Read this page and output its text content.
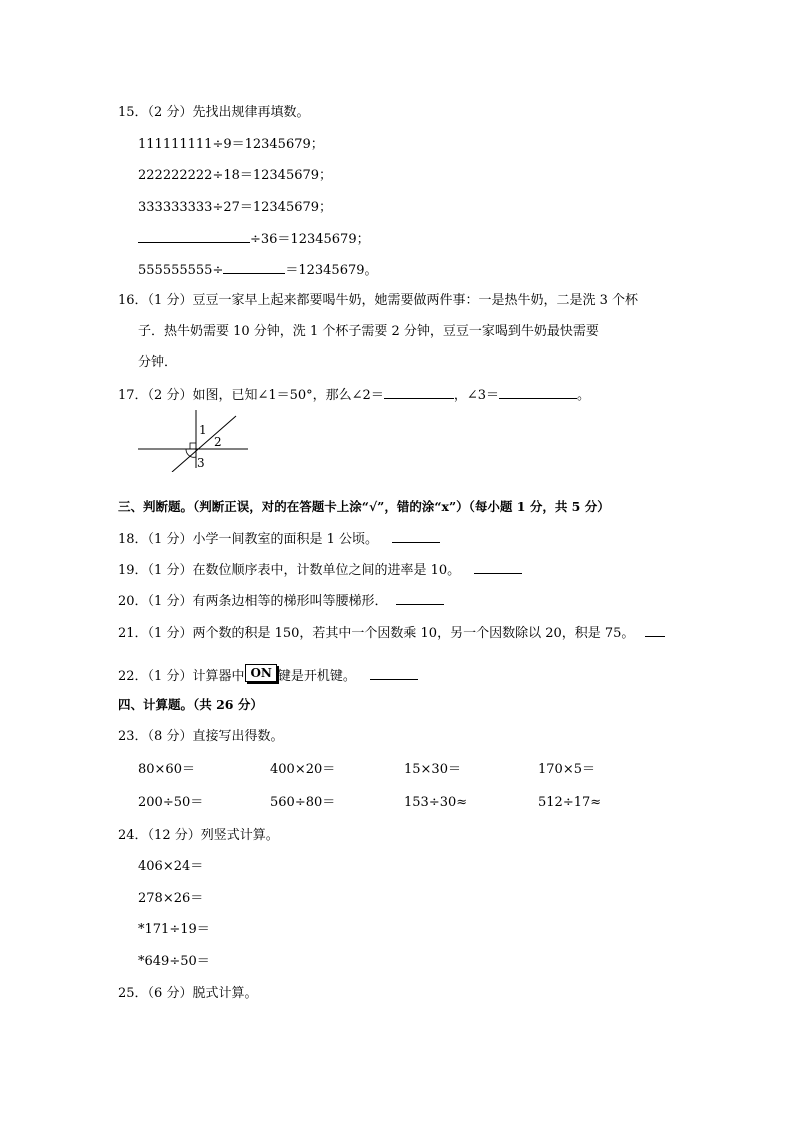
15．（2 分）先找出规律再填数。
111111111÷9＝12345679；
222222222÷18＝12345679；
333333333÷27＝12345679；
÷36＝12345679；
555555555÷	＝12345679。
16．（1 分）豆豆一家早上起来都要喝牛奶，她需要做两件事：一是热牛奶，二是洗 3 个杯
子．热牛奶需要 10 分钟，洗 1 个杯子需要 2 分钟，豆豆一家喝到牛奶最快需要
分钟．
17．（2 分）如图，已知∠1＝50°，那么∠2＝	，∠3＝	。
1
2
3
三、判断题。（判断正误，对的在答题卡上涂“√”，错的涂“x”）（每小题 1 分，共 5 分）
18．（1 分）小学一间教室的面积是 1 公顷。
19．（1 分）在数位顺序表中，计数单位之间的进率是 10。
20．（1 分）有两条边相等的梯形叫等腰梯形．
21．（1 分）两个数的积是 150，若其中一个因数乘 10，另一个因数除以 20，积是 75。
22．（1 分）计算器中 ON 键是开机键。
四、计算题。（共 26 分）
23．（8 分）直接写出得数。
80×60＝	400×20＝	15×30＝	170×5＝
200÷50＝	560÷80＝	153÷30≈	512÷17≈
24．（12 分）列竖式计算。
406×24＝
278×26＝
*171÷19＝
*649÷50＝
25．（6 分）脱式计算。
